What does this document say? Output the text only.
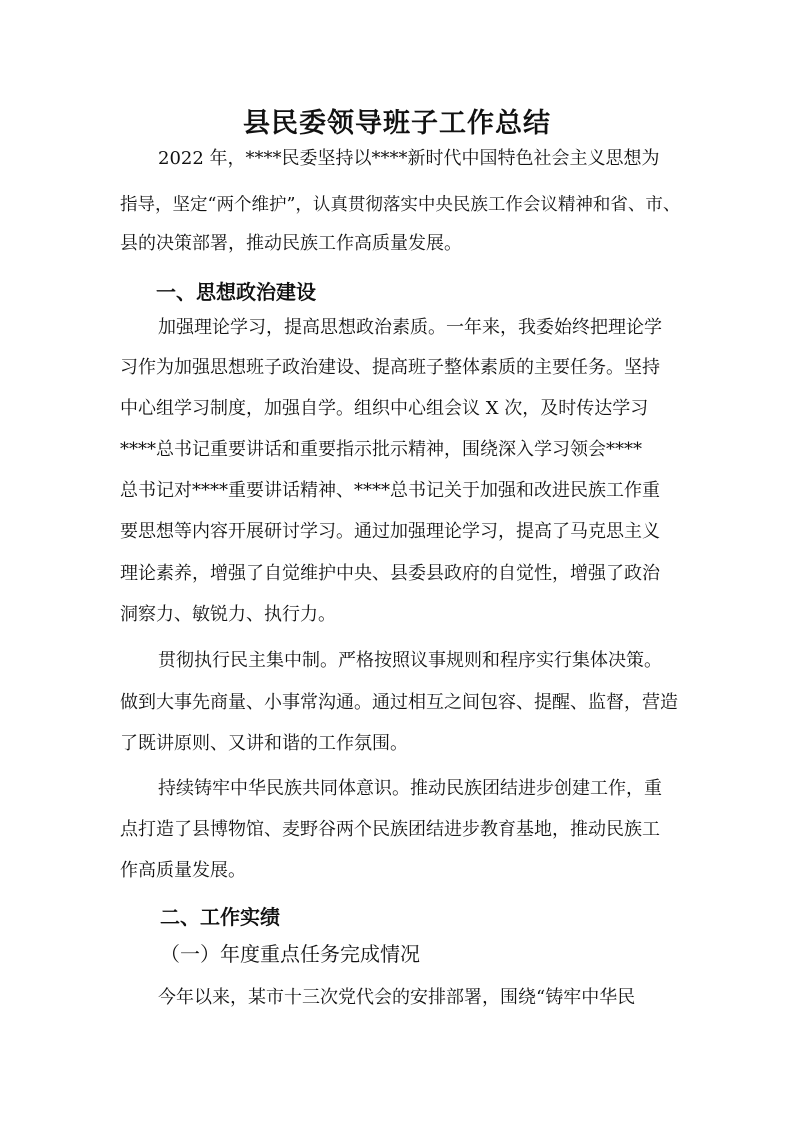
县民委领导班子工作总结
2022 年，****民委坚持以****新时代中国特色社会主义思想为
指导，坚定“两个维护”，认真贯彻落实中央民族工作会议精神和省、市、
县的决策部署，推动民族工作高质量发展。
一、思想政治建设
加强理论学习，提高思想政治素质。一年来，我委始终把理论学
习作为加强思想班子政治建设、提高班子整体素质的主要任务。坚持
中心组学习制度，加强自学。组织中心组会议 X 次，及时传达学习
****总书记重要讲话和重要指示批示精神，围绕深入学习领会****
总书记对****重要讲话精神、****总书记关于加强和改进民族工作重
要思想等内容开展研讨学习。通过加强理论学习，提高了马克思主义
理论素养，增强了自觉维护中央、县委县政府的自觉性，增强了政治
洞察力、敏锐力、执行力。
贯彻执行民主集中制。严格按照议事规则和程序实行集体决策。
做到大事先商量、小事常沟通。通过相互之间包容、提醒、监督，营造
了既讲原则、又讲和谐的工作氛围。
持续铸牢中华民族共同体意识。推动民族团结进步创建工作，重
点打造了县博物馆、麦野谷两个民族团结进步教育基地，推动民族工
作高质量发展。
二、工作实绩
（一）年度重点任务完成情况
今年以来，某市十三次党代会的安排部署，围绕“铸牢中华民
